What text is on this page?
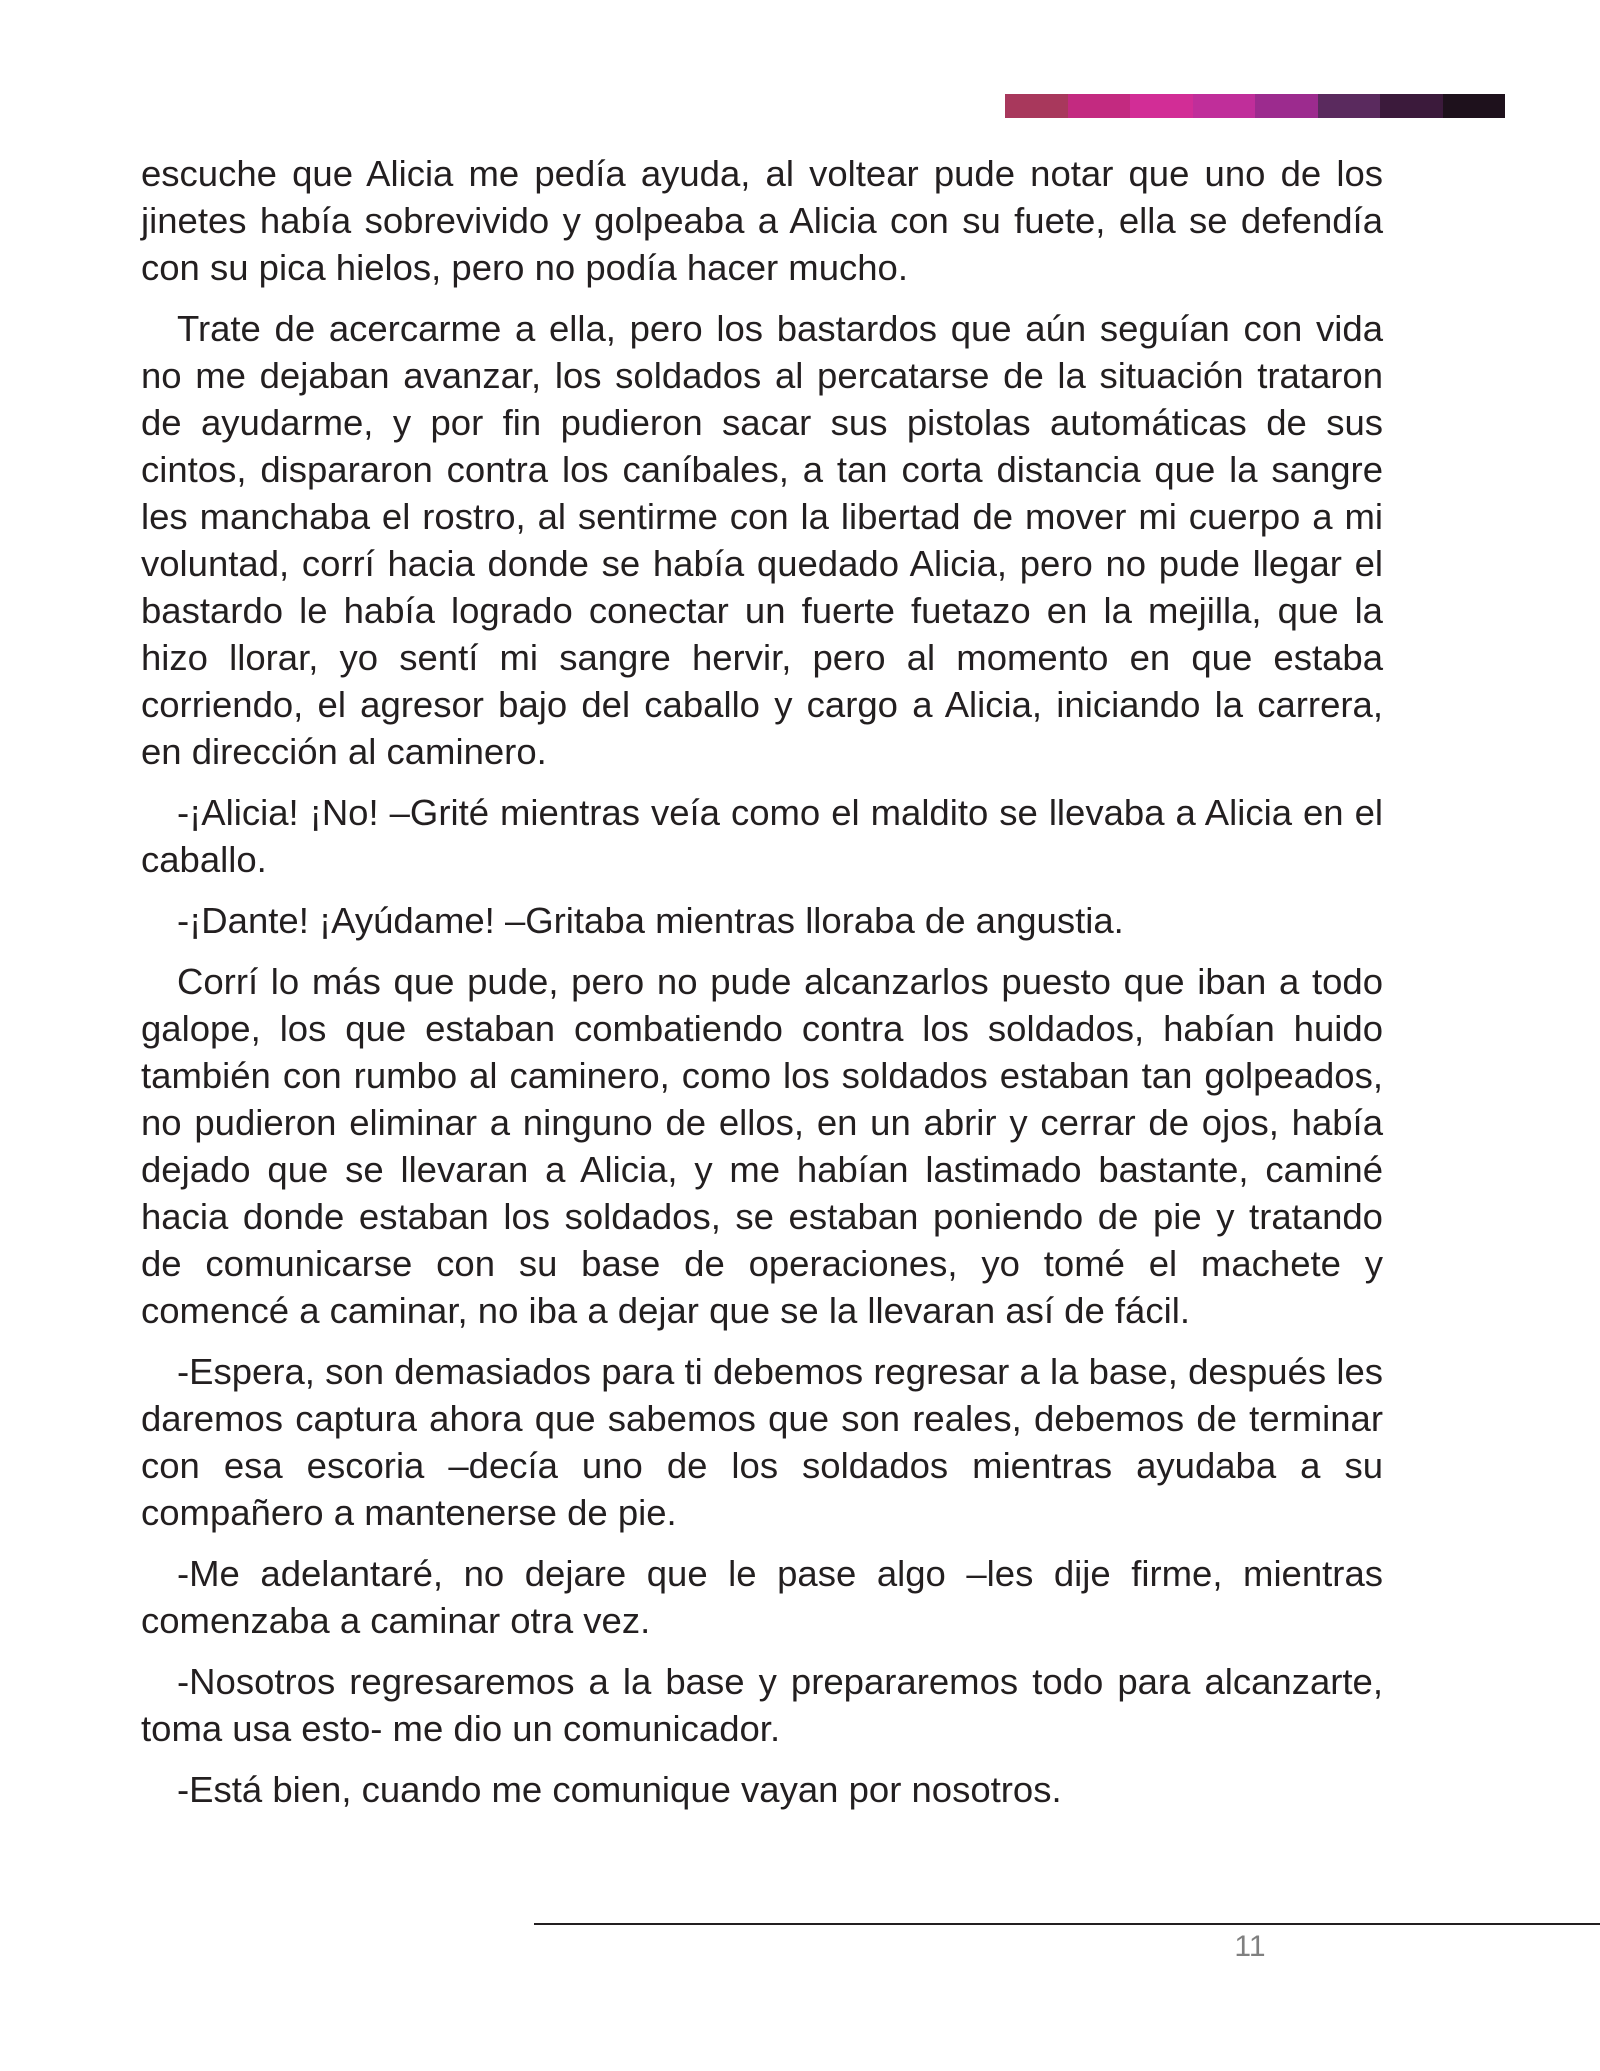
escuche que Alicia me pedía ayuda, al voltear pude notar que uno de los jinetes había sobrevivido y golpeaba a Alicia con su fuete, ella se defendía con su pica hielos, pero no podía hacer mucho.

Trate de acercarme a ella, pero los bastardos que aún seguían con vida no me dejaban avanzar, los soldados al percatarse de la situación trataron de ayudarme, y por fin pudieron sacar sus pistolas automáticas de sus cintos, dispararon contra los caníbales, a tan corta distancia que la sangre les manchaba el rostro, al sentirme con la libertad de mover mi cuerpo a mi voluntad, corrí hacia donde se había quedado Alicia, pero no pude llegar el bastardo le había logrado conectar un fuerte fuetazo en la mejilla, que la hizo llorar, yo sentí mi sangre hervir, pero al momento en que estaba corriendo, el agresor bajo del caballo y cargo a Alicia, iniciando la carrera, en dirección al caminero.

-¡Alicia! ¡No! –Grité mientras veía como el maldito se llevaba a Alicia en el caballo.

-¡Dante! ¡Ayúdame! –Gritaba mientras lloraba de angustia.

Corrí lo más que pude, pero no pude alcanzarlos puesto que iban a todo galope, los que estaban combatiendo contra los soldados, habían huido también con rumbo al caminero, como los soldados estaban tan golpeados, no pudieron eliminar a ninguno de ellos, en un abrir y cerrar de ojos, había dejado que se llevaran a Alicia, y me habían lastimado bastante, caminé hacia donde estaban los soldados, se estaban poniendo de pie y tratando de comunicarse con su base de operaciones, yo tomé el machete y comencé a caminar, no iba a dejar que se la llevaran así de fácil.

-Espera, son demasiados para ti debemos regresar a la base, después les daremos captura ahora que sabemos que son reales, debemos de terminar con esa escoria –decía uno de los soldados mientras ayudaba a su compañero a mantenerse de pie.

-Me adelantaré, no dejare que le pase algo –les dije firme, mientras comenzaba a caminar otra vez.

-Nosotros regresaremos a la base y prepararemos todo para alcanzarte, toma usa esto- me dio un comunicador.

-Está bien, cuando me comunique vayan por nosotros.

11
